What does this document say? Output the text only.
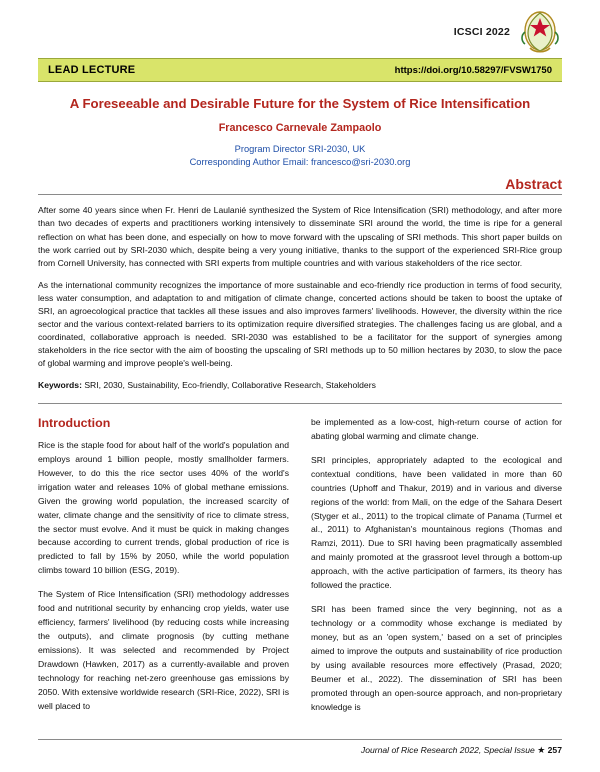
ICSCI 2022
LEAD LECTURE	https://doi.org/10.58297/FVSW1750
A Foreseeable and Desirable Future for the System of Rice Intensification
Francesco Carnevale Zampaolo
Program Director SRI-2030, UK
Corresponding Author Email: francesco@sri-2030.org
Abstract

After some 40 years since when Fr. Henri de Laulanié synthesized the System of Rice Intensification (SRI) methodology, and after more than two decades of experts and practitioners working intensively to disseminate SRI around the world, the time is ripe for a general reflection on what has been done, and especially on how to move forward with the upscaling of SRI methods. This short paper builds on the work carried out by SRI-2030 which, despite being a very young initiative, thanks to the support of the experienced SRI-Rice group from Cornell University, has connected with SRI experts from multiple countries and with various stakeholders of the rice sector.

As the international community recognizes the importance of more sustainable and eco-friendly rice production in terms of food security, less water consumption, and adaptation to and mitigation of climate change, concerted actions should be taken to boost the uptake of SRI, an agroecological practice that tackles all these issues and also improves farmers' livelihoods. However, the diversity within the rice sector and the various context-related barriers to its optimization require diversified strategies. The challenges facing us are global, and a coordinated, collaborative approach is needed. SRI-2030 was established to be a facilitator for the support of synergies among stakeholders in the rice sector with the aim of boosting the upscaling of SRI methods up to 50 million hectares by 2030, to slow the pace of global warming and improve people's well-being.

Keywords: SRI, 2030, Sustainability, Eco-friendly, Collaborative Research, Stakeholders
Introduction

Rice is the staple food for about half of the world's population and employs around 1 billion people, mostly smallholder farmers. However, to do this the rice sector uses 40% of the world's irrigation water and releases 10% of global methane emissions. Given the growing world population, the increased scarcity of water, climate change and the sensitivity of rice to climate stress, the sector must evolve. And it must be quick in making changes because according to current trends, global production of rice is predicted to fall by 15% by 2050, while the world population climbs toward 10 billion (ESG, 2019).

The System of Rice Intensification (SRI) methodology addresses food and nutritional security by enhancing crop yields, water use efficiency, farmers' livelihood (by reducing costs while increasing the outputs), and climate prognosis (by cutting methane emissions). It was selected and recommended by Project Drawdown (Hawken, 2017) as a currently-available and proven technology for reaching net-zero greenhouse gas emissions by 2050. With extensive worldwide research (SRI-Rice, 2022), SRI is well placed to

be implemented as a low-cost, high-return course of action for abating global warming and climate change.

SRI principles, appropriately adapted to the ecological and contextual conditions, have been validated in more than 60 countries (Uphoff and Thakur, 2019) and in various and diverse regions of the world: from Mali, on the edge of the Sahara Desert (Styger et al., 2011) to the tropical climate of Panama (Turmel et al., 2011) to Afghanistan's mountainous regions (Thomas and Ramzi, 2011). Due to SRI having been pragmatically assembled and mainly promoted at the grassroot level through a bottom-up approach, with the active participation of farmers, its theory has followed the practice.

SRI has been framed since the very beginning, not as a technology or a commodity whose exchange is mediated by money, but as an 'open system,' based on a set of principles aimed to improve the outputs and sustainability of rice production by using available resources more effectively (Prasad, 2020; Beumer et al., 2022). The dissemination of SRI has been promoted through an open-source approach, and non-proprietary knowledge is

Journal of Rice Research 2022, Special Issue ★ 257
